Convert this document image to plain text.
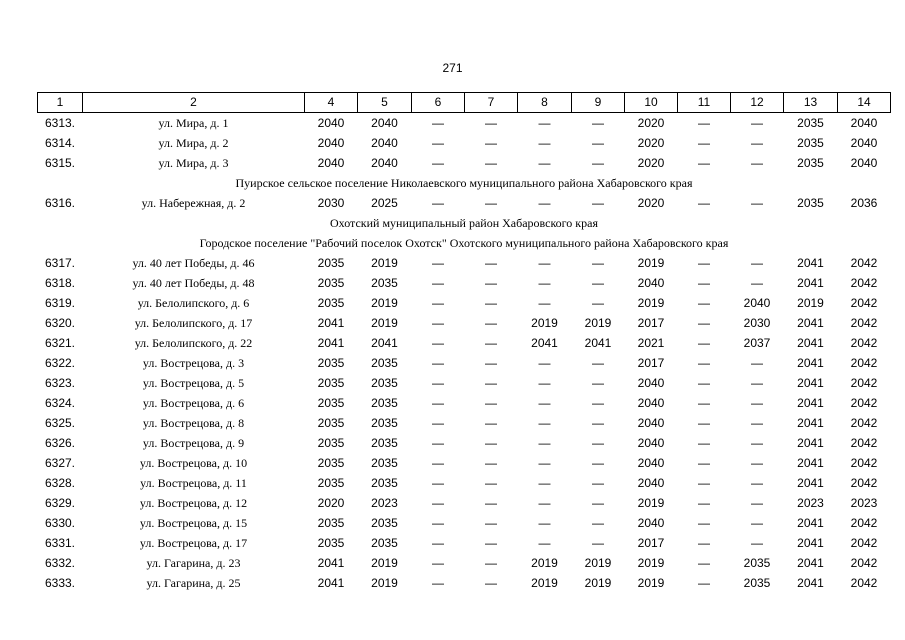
271
1	2	4	5	6	7	8	9	10	11	12	13	14
6313.	ул. Мира, д. 1	2040	2040	—	—	—	—	2020	—	—	2035	2040
6314.	ул. Мира, д. 2	2040	2040	—	—	—	—	2020	—	—	2035	2040
6315.	ул. Мира, д. 3	2040	2040	—	—	—	—	2020	—	—	2035	2040
Пуирское сельское поселение Николаевского муниципального района Хабаровского края												
6316.	ул. Набережная, д. 2	2030	2025	—	—	—	—	2020	—	—	2035	2036
Охотский муниципальный район Хабаровского края												
Городское поселение "Рабочий поселок Охотск" Охотского муниципального района Хабаровского края												
6317.	ул. 40 лет Победы, д. 46	2035	2019	—	—	—	—	2019	—	—	2041	2042
6318.	ул. 40 лет Победы, д. 48	2035	2035	—	—	—	—	2040	—	—	2041	2042
6319.	ул. Белолипского, д. 6	2035	2019	—	—	—	—	2019	—	2040	2019	2042
6320.	ул. Белолипского, д. 17	2041	2019	—	—	2019	2019	2017	—	2030	2041	2042
6321.	ул. Белолипского, д. 22	2041	2041	—	—	2041	2041	2021	—	2037	2041	2042
6322.	ул. Вострецова, д. 3	2035	2035	—	—	—	—	2017	—	—	2041	2042
6323.	ул. Вострецова, д. 5	2035	2035	—	—	—	—	2040	—	—	2041	2042
6324.	ул. Вострецова, д. 6	2035	2035	—	—	—	—	2040	—	—	2041	2042
6325.	ул. Вострецова, д. 8	2035	2035	—	—	—	—	2040	—	—	2041	2042
6326.	ул. Вострецова, д. 9	2035	2035	—	—	—	—	2040	—	—	2041	2042
6327.	ул. Вострецова, д. 10	2035	2035	—	—	—	—	2040	—	—	2041	2042
6328.	ул. Вострецова, д. 11	2035	2035	—	—	—	—	2040	—	—	2041	2042
6329.	ул. Вострецова, д. 12	2020	2023	—	—	—	—	2019	—	—	2023	2023
6330.	ул. Вострецова, д. 15	2035	2035	—	—	—	—	2040	—	—	2041	2042
6331.	ул. Вострецова, д. 17	2035	2035	—	—	—	—	2017	—	—	2041	2042
6332.	ул. Гагарина, д. 23	2041	2019	—	—	2019	2019	2019	—	2035	2041	2042
6333.	ул. Гагарина, д. 25	2041	2019	—	—	2019	2019	2019	—	2035	2041	2042
